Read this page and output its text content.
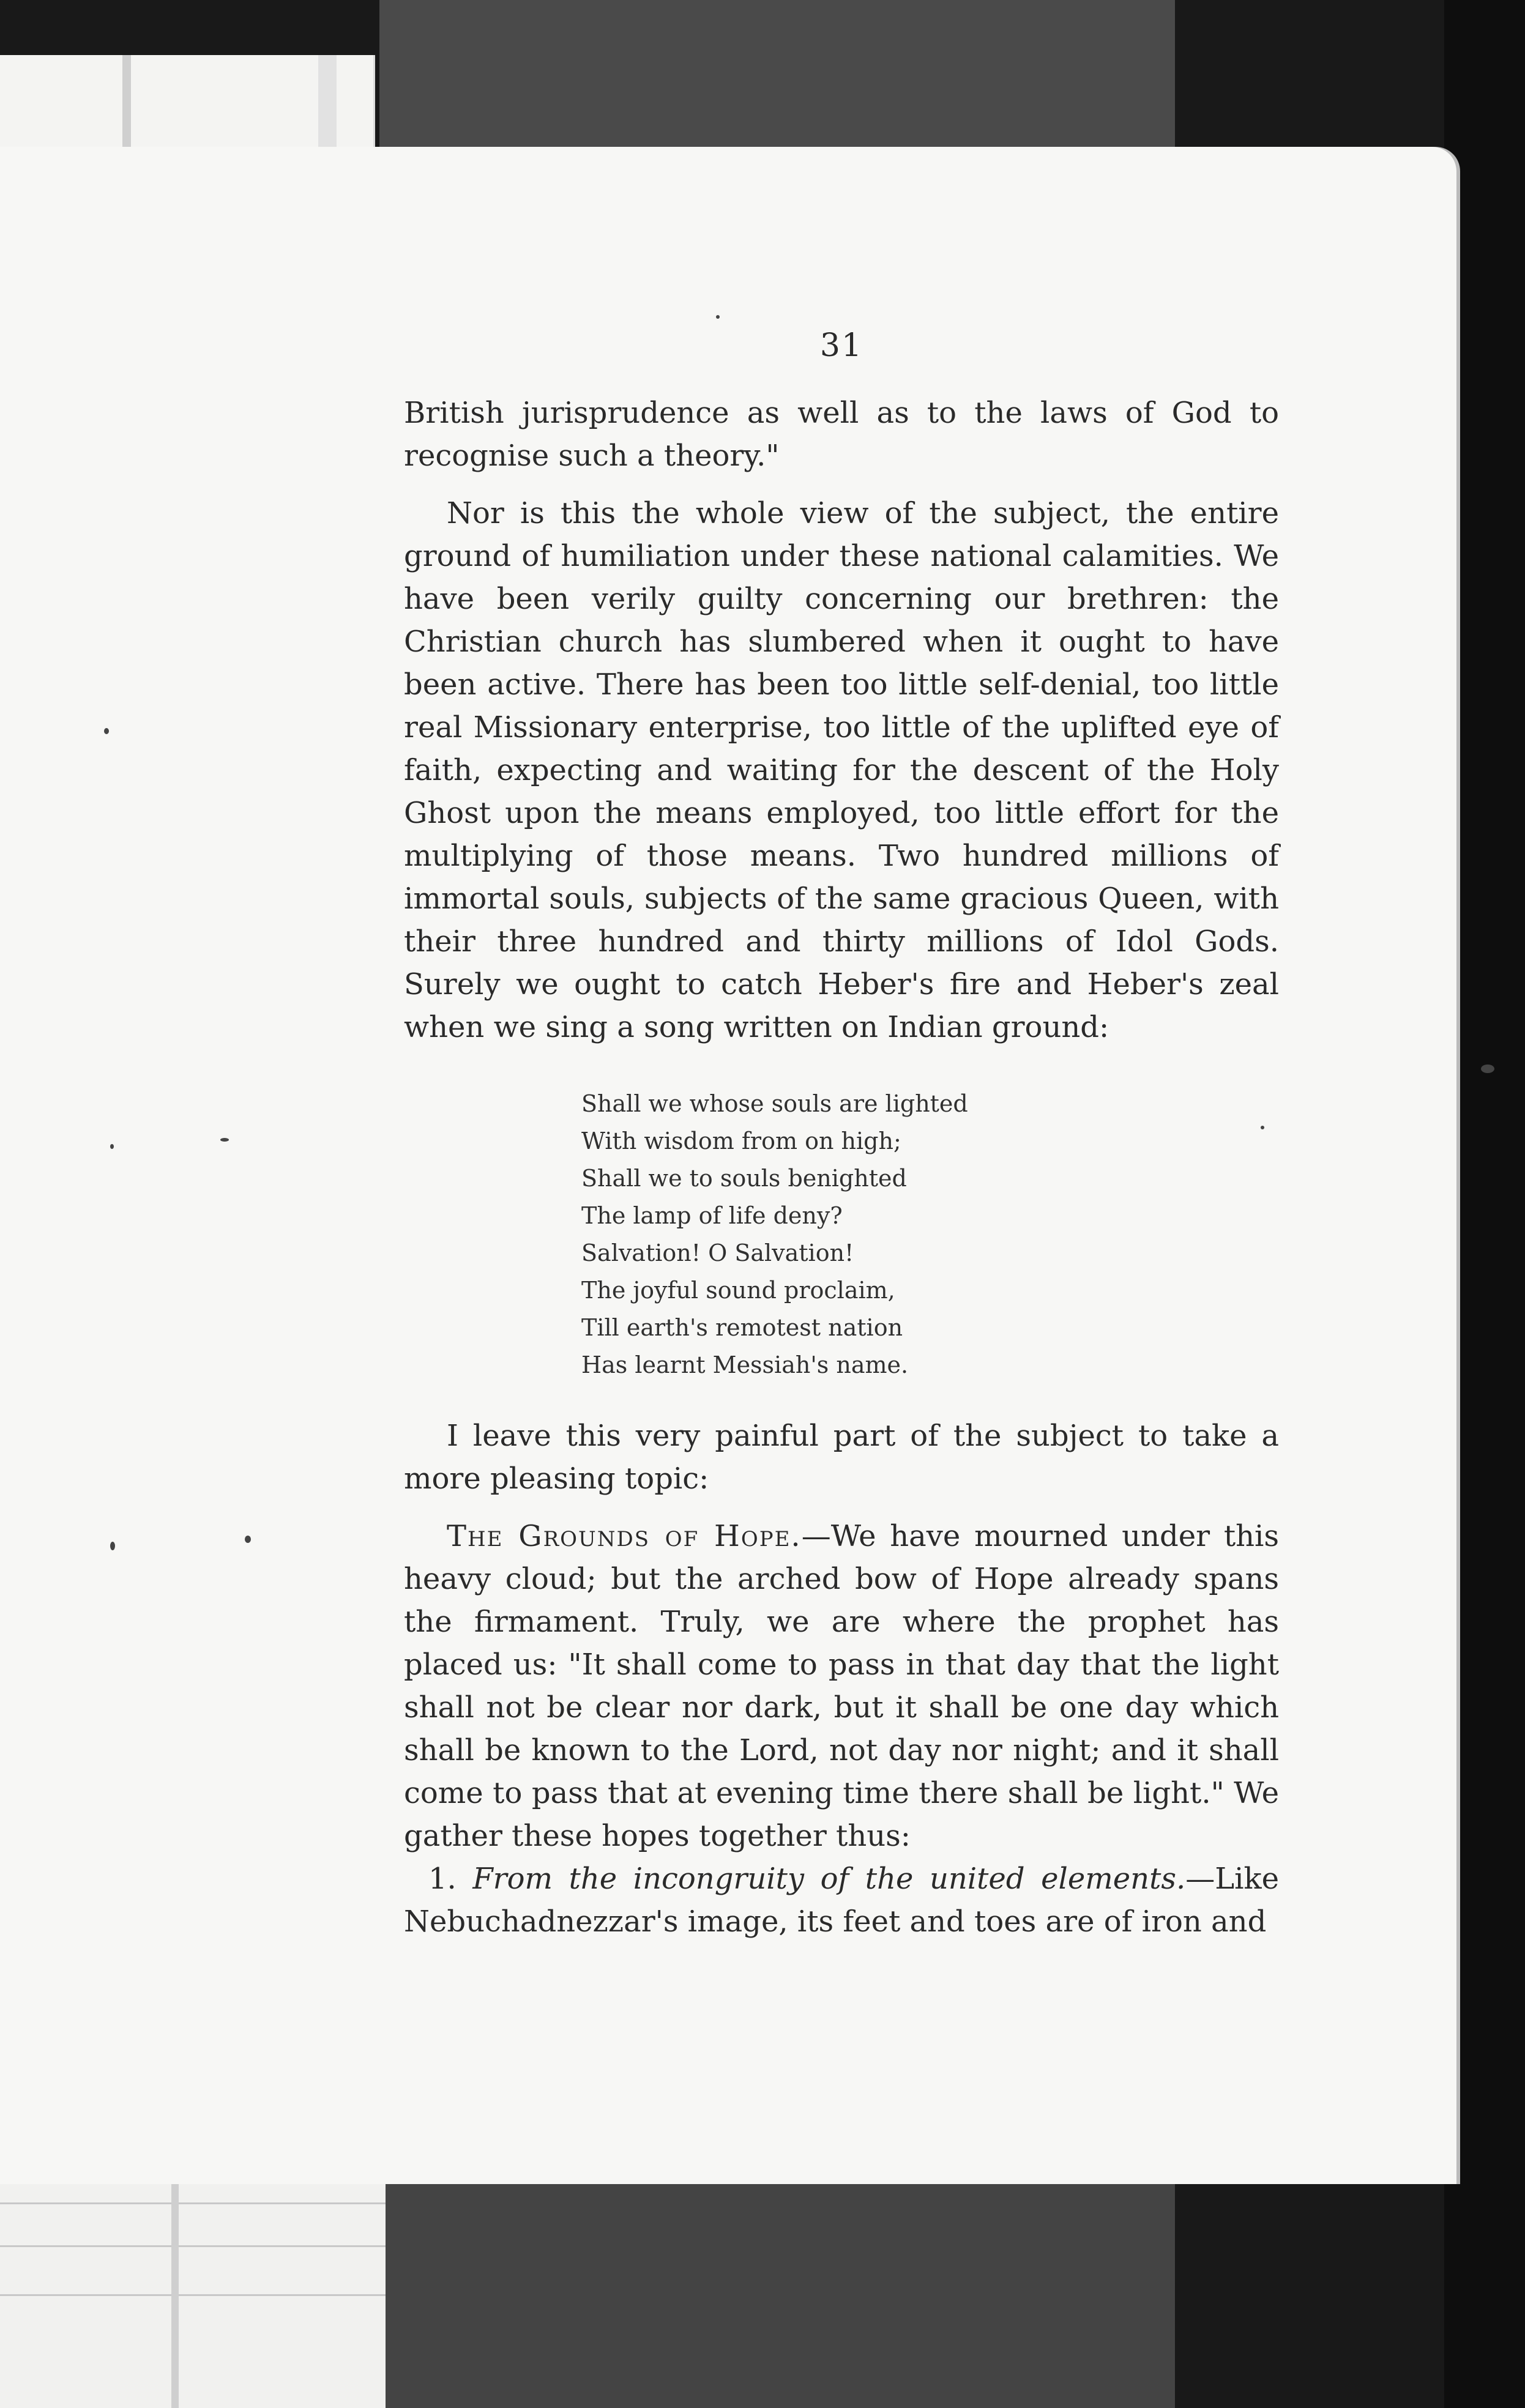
31

British jurisprudence as well as to the laws of God to recognise such a theory."

Nor is this the whole view of the subject, the entire ground of humiliation under these national calamities. We have been verily guilty concerning our brethren: the Christian church has slumbered when it ought to have been active. There has been too little self-denial, too little real Missionary enterprise, too little of the uplifted eye of faith, expecting and waiting for the descent of the Holy Ghost upon the means employed, too little effort for the multiplying of those means. Two hundred millions of immortal souls, subjects of the same gracious Queen, with their three hundred and thirty millions of Idol Gods. Surely we ought to catch Heber's fire and Heber's zeal when we sing a song written on Indian ground:

Shall we whose souls are lighted
With wisdom from on high;
Shall we to souls benighted
The lamp of life deny?
Salvation! O Salvation!
The joyful sound proclaim,
Till earth's remotest nation
Has learnt Messiah's name.

I leave this very painful part of the subject to take a more pleasing topic:

The Grounds of Hope.—We have mourned under this heavy cloud; but the arched bow of Hope already spans the firmament. Truly, we are where the prophet has placed us: "It shall come to pass in that day that the light shall not be clear nor dark, but it shall be one day which shall be known to the Lord, not day nor night; and it shall come to pass that at evening time there shall be light." We gather these hopes together thus:

1. From the incongruity of the united elements.—Like Nebuchadnezzar's image, its feet and toes are of iron and
